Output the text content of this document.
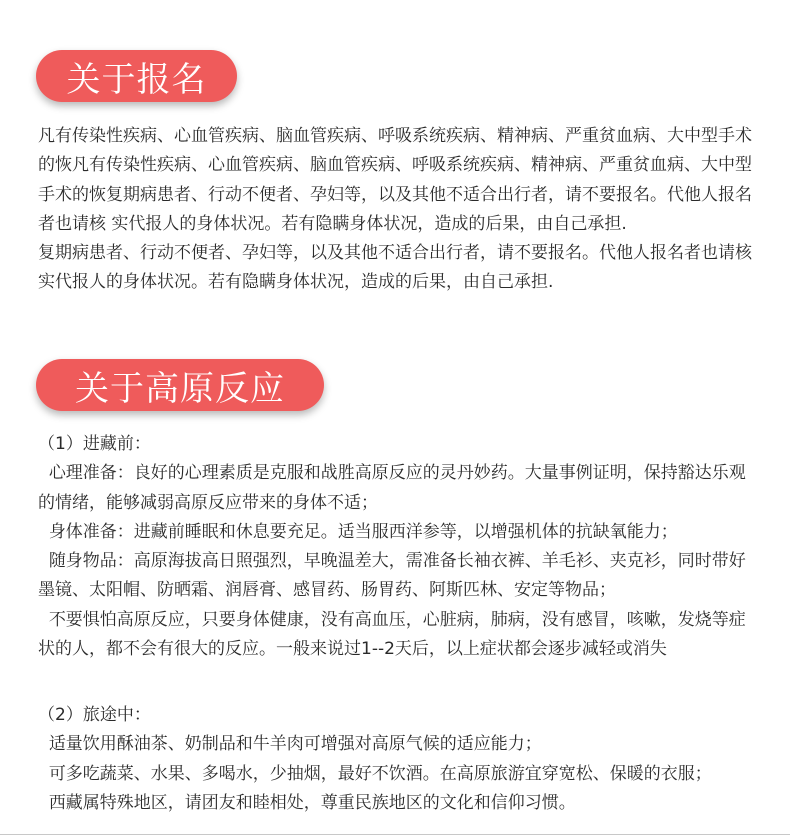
关于报名

凡有传染性疾病、心血管疾病、脑血管疾病、呼吸系统疾病、精神病、严重贫血病、大中型手术的恢凡有传染性疾病、心血管疾病、脑血管疾病、呼吸系统疾病、精神病、严重贫血病、大中型手术的恢复期病患者、行动不便者、孕妇等，以及其他不适合出行者，请不要报名。代他人报名者也请核 实代报人的身体状况。若有隐瞒身体状况，造成的后果，由自己承担.

复期病患者、行动不便者、孕妇等，以及其他不适合出行者，请不要报名。代他人报名者也请核 实代报人的身体状况。若有隐瞒身体状况，造成的后果，由自己承担.

关于高原反应

（1）进藏前：

心理准备：良好的心理素质是克服和战胜高原反应的灵丹妙药。大量事例证明，保持豁达乐观的情绪，能够减弱高原反应带来的身体不适；

身体准备：进藏前睡眠和休息要充足。适当服西洋参等，以增强机体的抗缺氧能力；

随身物品：高原海拔高日照强烈，早晚温差大，需准备长袖衣裤、羊毛衫、夹克衫，同时带好墨镜、太阳帽、防晒霜、润唇膏、感冒药、肠胃药、阿斯匹林、安定等物品；

不要惧怕高原反应，只要身体健康，没有高血压，心脏病，肺病，没有感冒，咳嗽，发烧等症状的人，都不会有很大的反应。一般来说过1--2天后，以上症状都会逐步减轻或消失

（2）旅途中：

适量饮用酥油茶、奶制品和牛羊肉可增强对高原气候的适应能力；

可多吃蔬菜、水果、多喝水，少抽烟，最好不饮酒。在高原旅游宜穿宽松、保暖的衣服；

西藏属特殊地区，请团友和睦相处，尊重民族地区的文化和信仰习惯。
